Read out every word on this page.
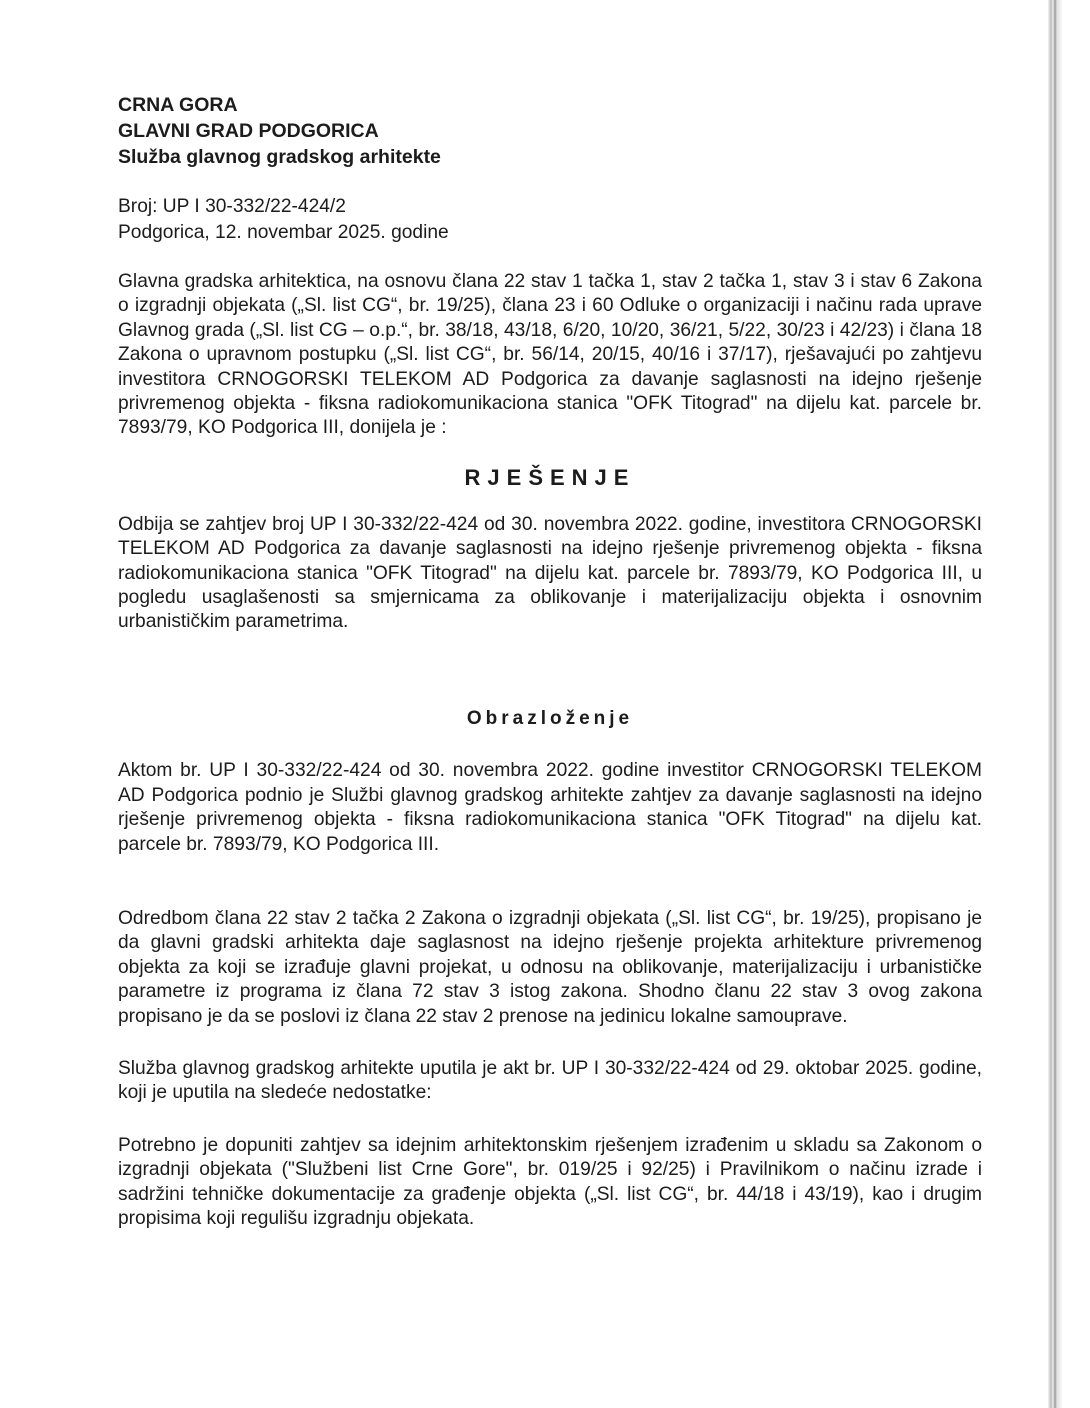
CRNA GORA
GLAVNI GRAD PODGORICA
Služba glavnog gradskog arhitekte
Broj: UP I 30-332/22-424/2
Podgorica, 12. novembar 2025. godine

Glavna gradska arhitektica, na osnovu člana 22 stav 1 tačka 1, stav 2 tačka 1, stav 3 i stav 6 Zakona o izgradnji objekata („Sl. list CG“, br. 19/25), člana 23 i 60 Odluke o organizaciji i načinu rada uprave Glavnog grada („Sl. list CG – o.p.“, br. 38/18, 43/18, 6/20, 10/20, 36/21, 5/22, 30/23 i 42/23) i člana 18 Zakona o upravnom postupku („Sl. list CG“, br. 56/14, 20/15, 40/16 i 37/17), rješavajući po zahtjevu investitora CRNOGORSKI TELEKOM AD Podgorica za davanje saglasnosti na idejno rješenje privremenog objekta - fiksna radiokomunikaciona stanica "OFK Titograd" na dijelu kat. parcele br. 7893/79, KO Podgorica III, donijela je :

RJEŠENJE

Odbija se zahtjev broj UP I 30-332/22-424 od 30. novembra 2022. godine, investitora CRNOGORSKI TELEKOM AD Podgorica za davanje saglasnosti na idejno rješenje privremenog objekta - fiksna radiokomunikaciona stanica "OFK Titograd" na dijelu kat. parcele br. 7893/79, KO Podgorica III, u pogledu usaglašenosti sa smjernicama za oblikovanje i materijalizaciju objekta i osnovnim urbanističkim parametrima.

Obrazloženje

Aktom br. UP I 30-332/22-424 od 30. novembra 2022. godine investitor CRNOGORSKI TELEKOM AD Podgorica podnio je Službi glavnog gradskog arhitekte zahtjev za davanje saglasnosti na idejno rješenje privremenog objekta - fiksna radiokomunikaciona stanica "OFK Titograd" na dijelu kat. parcele br. 7893/79, KO Podgorica III.

Odredbom člana 22 stav 2 tačka 2 Zakona o izgradnji objekata („Sl. list CG“, br. 19/25), propisano je da glavni gradski arhitekta daje saglasnost na idejno rješenje projekta arhitekture privremenog objekta za koji se izrađuje glavni projekat, u odnosu na oblikovanje, materijalizaciju i urbanističke parametre iz programa iz člana 72 stav 3 istog zakona. Shodno članu 22 stav 3 ovog zakona propisano je da se poslovi iz člana 22 stav 2 prenose na jedinicu lokalne samouprave.

Služba glavnog gradskog arhitekte uputila je akt br. UP I 30-332/22-424 od 29. oktobar 2025. godine, koji je uputila na sledeće nedostatke:

Potrebno je dopuniti zahtjev sa idejnim arhitektonskim rješenjem izrađenim u skladu sa Zakonom o izgradnji objekata ("Službeni list Crne Gore", br. 019/25 i 92/25) i Pravilnikom o načinu izrade i sadržini tehničke dokumentacije za građenje objekta („Sl. list CG“, br. 44/18 i 43/19), kao i drugim propisima koji regulišu izgradnju objekata.
